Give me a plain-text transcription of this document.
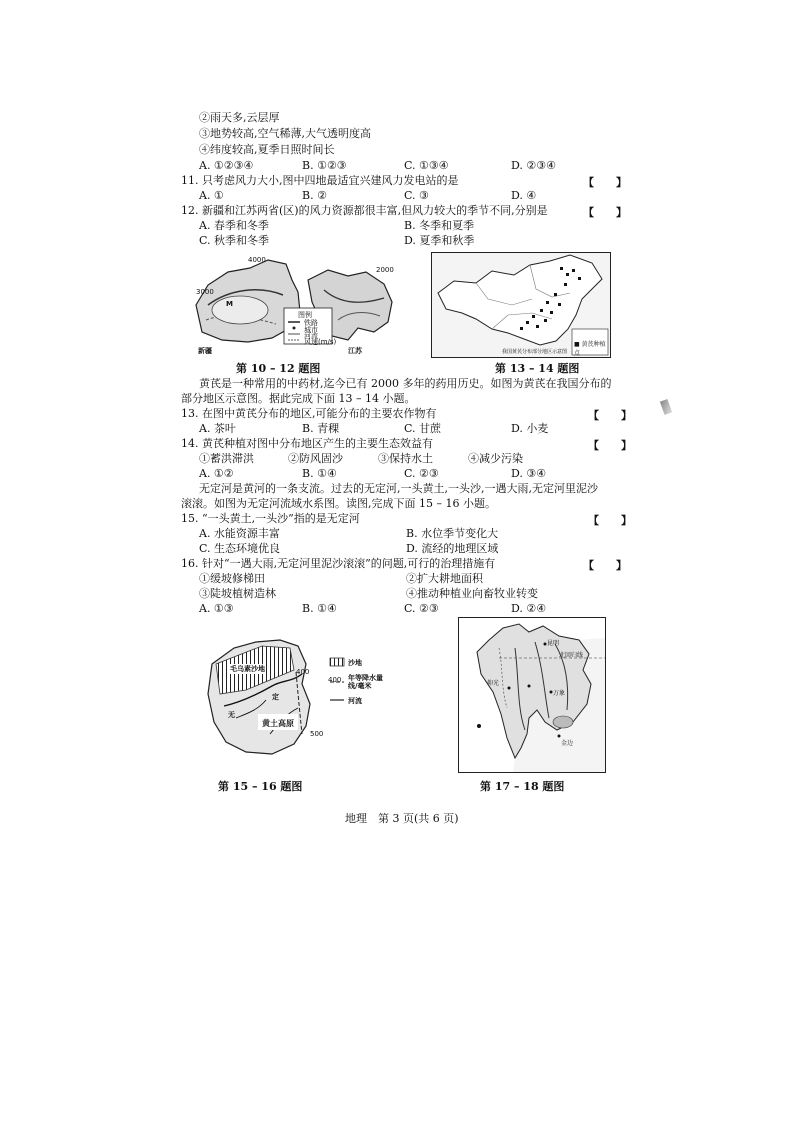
②雨天多,云层厚
③地势较高,空气稀薄,大气透明度高
④纬度较高,夏季日照时间长
A. ①②③④	B. ①②③	C. ①③④	D. ②③④
11. 只考虑风力大小,图中四地最适宜兴建风力发电站的是	【　　】
A. ①	B. ②	C. ③	D. ④
12. 新疆和江苏两省(区)的风力资源都很丰富,但风力较大的季节不同,分别是	【　　】
A. 春季和冬季	B. 冬季和夏季
C. 秋季和冬季	D. 夏季和秋季
新疆	江苏
M
图例
铁路
城市
河流
风速(m/s)
4000
3000
2000
我国黄芪分布部分地区示意图
■ 黄芪种植点
第 10 – 12 题图	第 13 – 14 题图
黄芪是一种常用的中药材,迄今已有 2000 多年的药用历史。如图为黄芪在我国分布的
部分地区示意图。据此完成下面 13 – 14 小题。
13. 在图中黄芪分布的地区,可能分布的主要农作物有	【　　】
A. 茶叶	B. 青稞	C. 甘蔗	D. 小麦
14. 黄芪种植对图中分布地区产生的主要生态效益有	【　　】
①蓄洪滞洪	②防风固沙	③保持水土	④减少污染
A. ①②	B. ①④	C. ②③	D. ③④
无定河是黄河的一条支流。过去的无定河,一头黄土,一头沙,一遇大雨,无定河里泥沙
滚滚。如图为无定河流域水系图。读图,完成下面 15 – 16 小题。
15. “一头黄土,一头沙”指的是无定河	【　　】
A. 水能资源丰富	B. 水位季节变化大
C. 生态环境优良	D. 流经的地理区域
16. 针对“一遇大雨,无定河里泥沙滚滚”的问题,可行的治理措施有	【　　】
①缓坡修梯田	②扩大耕地面积
③陡坡植树造林	④推动种植业向畜牧业转变
A. ①③	B. ①④	C. ②③	D. ②④
沙地
年等降水量线/毫米
河流
黄土高原
毛乌素沙地	400
400
500
无
定
昆明
北回归线
万象
仰光
金边
第 15 – 16 题图	第 17 – 18 题图
地理　第 3 页(共 6 页)
